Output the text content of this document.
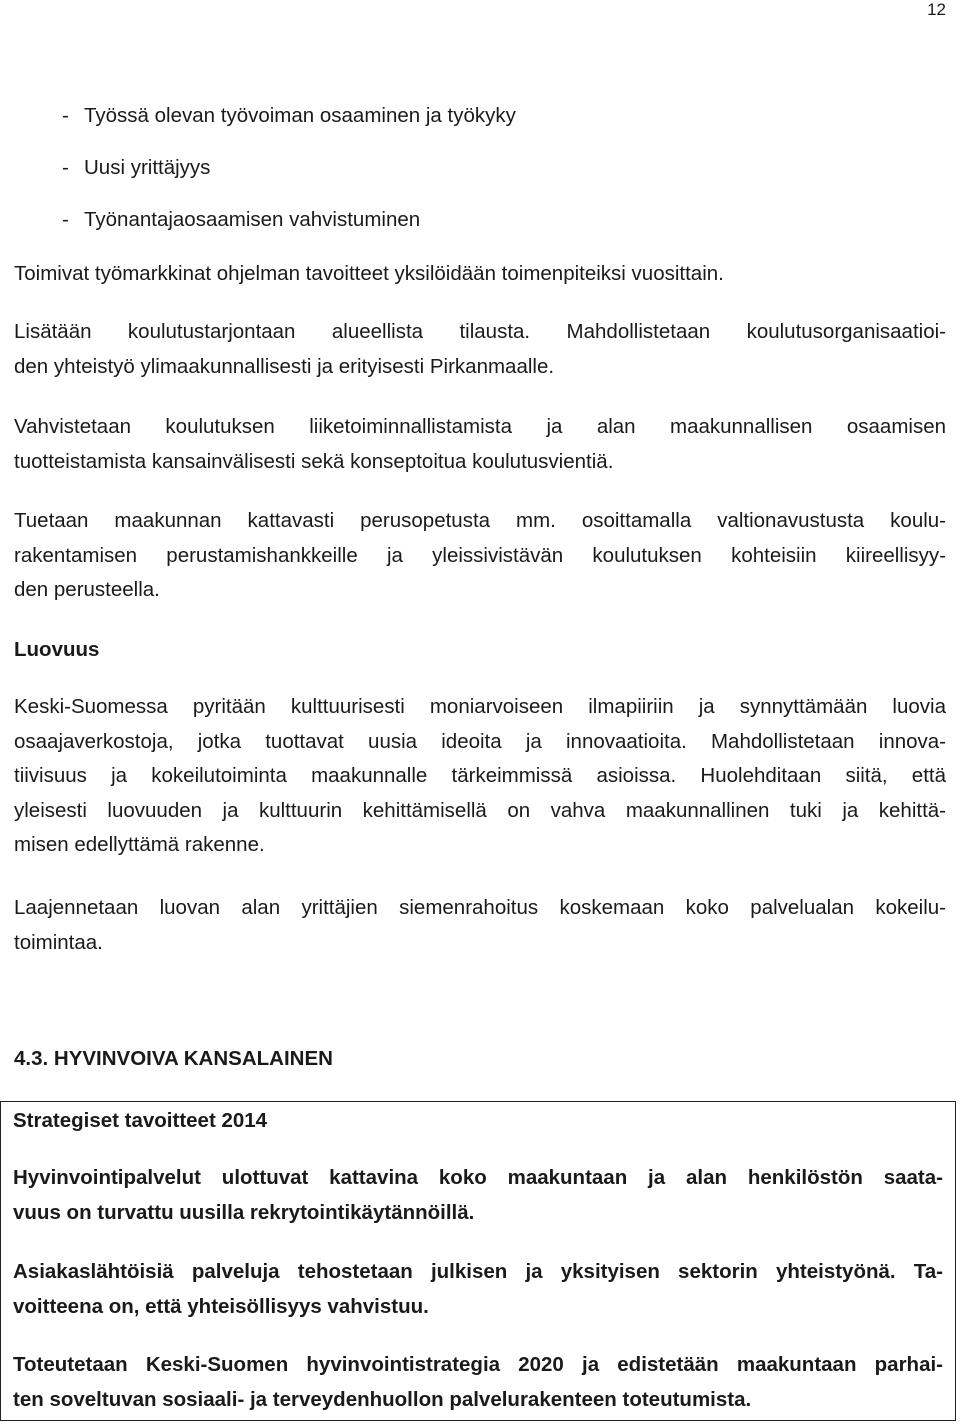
12
- Työssä olevan työvoiman osaaminen ja työkyky
- Uusi yrittäjyys
- Työnantajaosaamisen vahvistuminen

Toimivat työmarkkinat ohjelman tavoitteet yksilöidään toimenpiteiksi vuosittain.

Lisätään koulutustarjontaan alueellista tilausta. Mahdollistetaan koulutusorganisaatioi-
den yhteistyö ylimaakunnallisesti ja erityisesti Pirkanmaalle.

Vahvistetaan koulutuksen liiketoiminnallistamista ja alan maakunnallisen osaamisen
tuotteistamista kansainvälisesti sekä konseptoitua koulutusvientiä.

Tuetaan maakunnan kattavasti perusopetusta mm. osoittamalla valtionavustusta koulu-
rakentamisen perustamishankkeille ja yleissivistävän koulutuksen kohteisiin kiireellisyy-
den perusteella.

Luovuus

Keski-Suomessa pyritään kulttuurisesti moniarvoiseen ilmapiiriin ja synnyttämään luovia
osaajaverkostoja, jotka tuottavat uusia ideoita ja innovaatioita. Mahdollistetaan innova-
tiivisuus ja kokeilutoiminta maakunnalle tärkeimmissä asioissa. Huolehditaan siitä, että
yleisesti luovuuden ja kulttuurin kehittämisellä on vahva maakunnallinen tuki ja kehittä-
misen edellyttämä rakenne.

Laajennetaan luovan alan yrittäjien siemenrahoitus koskemaan koko palvelualan kokeilu-
toimintaa.

4.3. HYVINVOIVA KANSALAINEN

Strategiset tavoitteet 2014
Hyvinvointipalvelut ulottuvat kattavina koko maakuntaan ja alan henkilöstön saata-
vuus on turvattu uusilla rekrytointikäytännöillä.
Asiakaslähtöisiä palveluja tehostetaan julkisen ja yksityisen sektorin yhteistyönä. Ta-
voitteena on, että yhteisöllisyys vahvistuu.
Toteutetaan Keski-Suomen hyvinvointistrategia 2020 ja edistetään maakuntaan parhai-
ten soveltuvan sosiaali- ja terveydenhuollon palvelurakenteen toteutumista.
